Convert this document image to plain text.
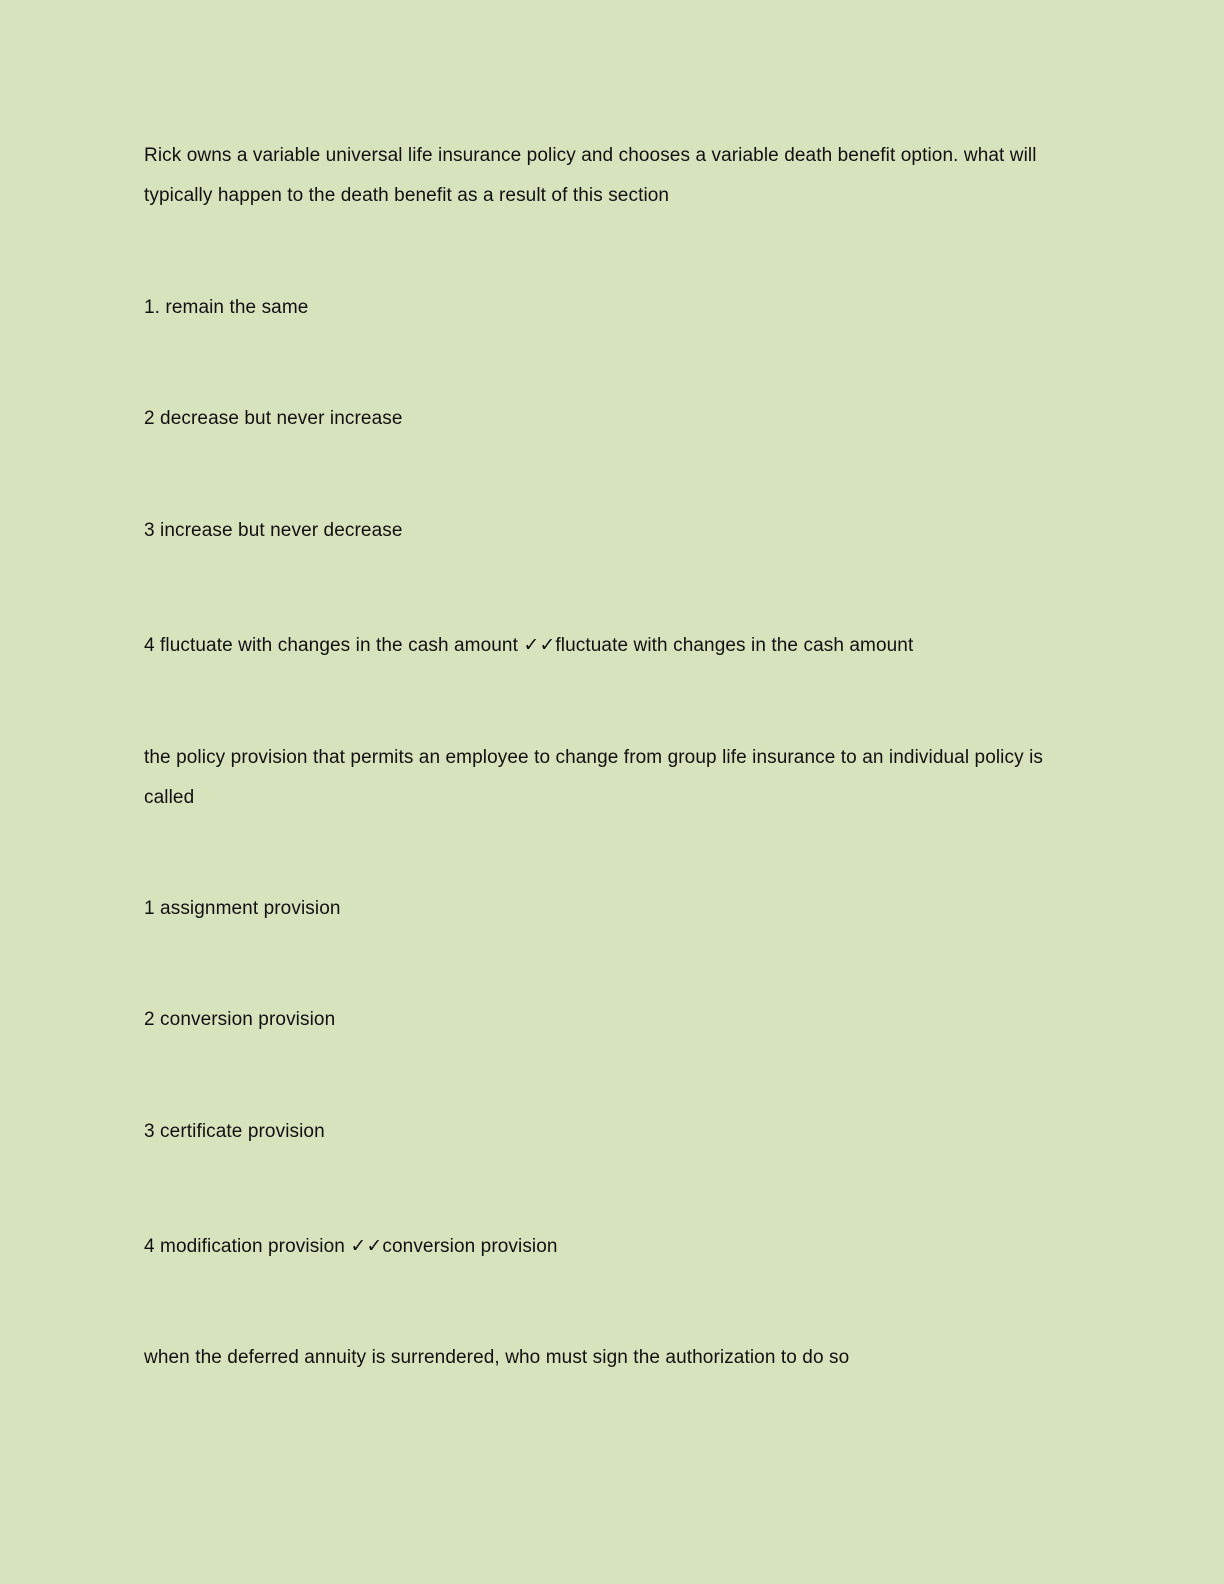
Rick owns a variable universal life insurance policy and chooses a variable death benefit option. what will typically happen to the death benefit as a result of this section

1. remain the same

2 decrease but never increase

3 increase but never decrease

4 fluctuate with changes in the cash amount ✓✓fluctuate with changes in the cash amount

the policy provision that permits an employee to change from group life insurance to an individual policy is called

1 assignment provision

2 conversion provision

3 certificate provision

4 modification provision ✓✓conversion provision

when the deferred annuity is surrendered, who must sign the authorization to do so
